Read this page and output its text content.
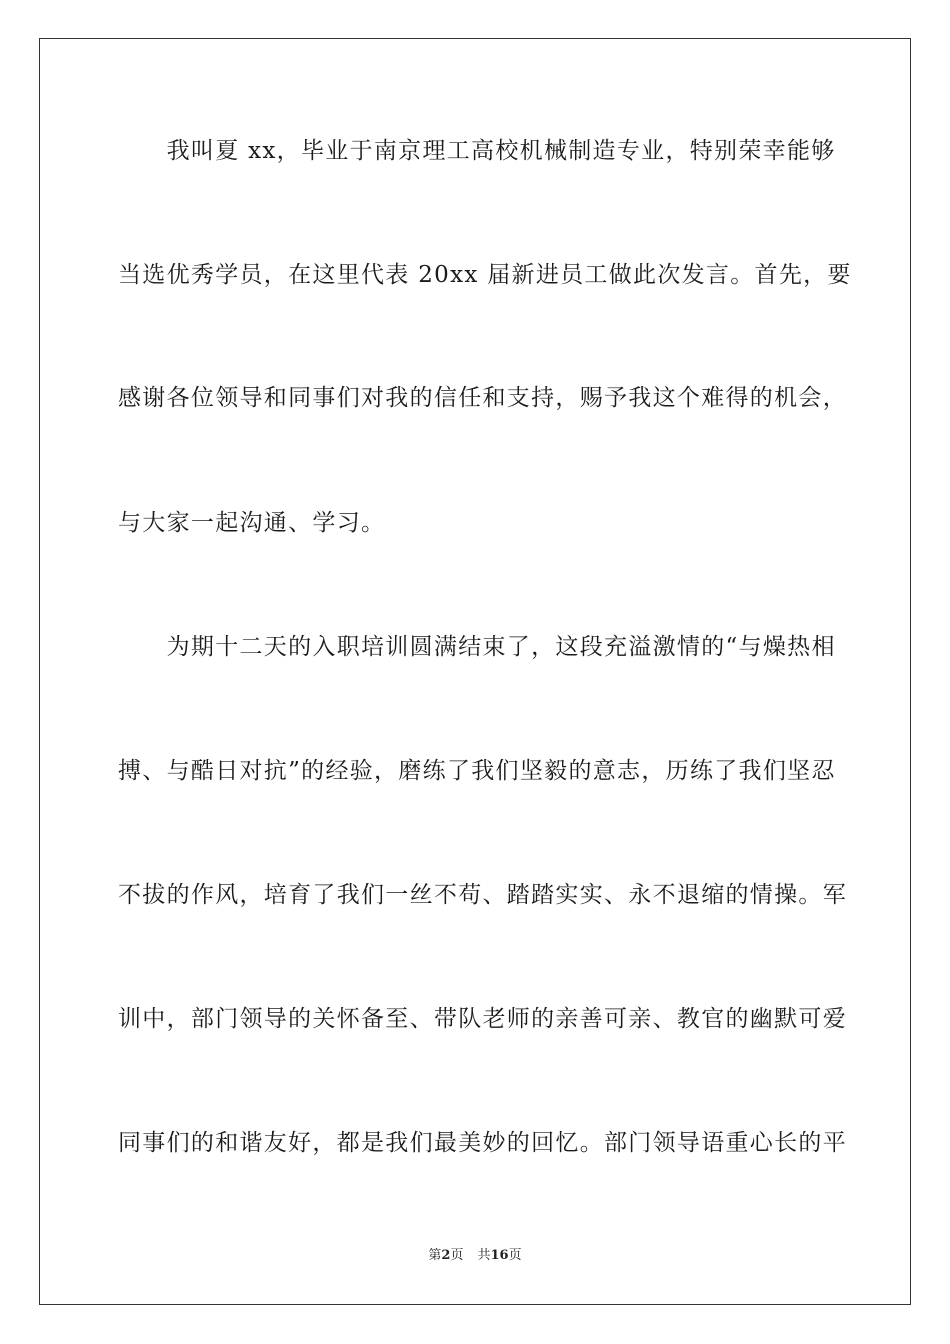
　　我叫夏 xx，毕业于南京理工高校机械制造专业，特别荣幸能够
当选优秀学员，在这里代表 20xx 届新进员工做此次发言。首先，要
感谢各位领导和同事们对我的信任和支持，赐予我这个难得的机会，
与大家一起沟通、学习。
　　为期十二天的入职培训圆满结束了，这段充溢激情的“与燥热相
搏、与酷日对抗”的经验，磨练了我们坚毅的意志，历练了我们坚忍
不拔的作风，培育了我们一丝不苟、踏踏实实、永不退缩的情操。军
训中，部门领导的关怀备至、带队老师的亲善可亲、教官的幽默可爱
同事们的和谐友好，都是我们最美妙的回忆。部门领导语重心长的平
第2页 共16页
